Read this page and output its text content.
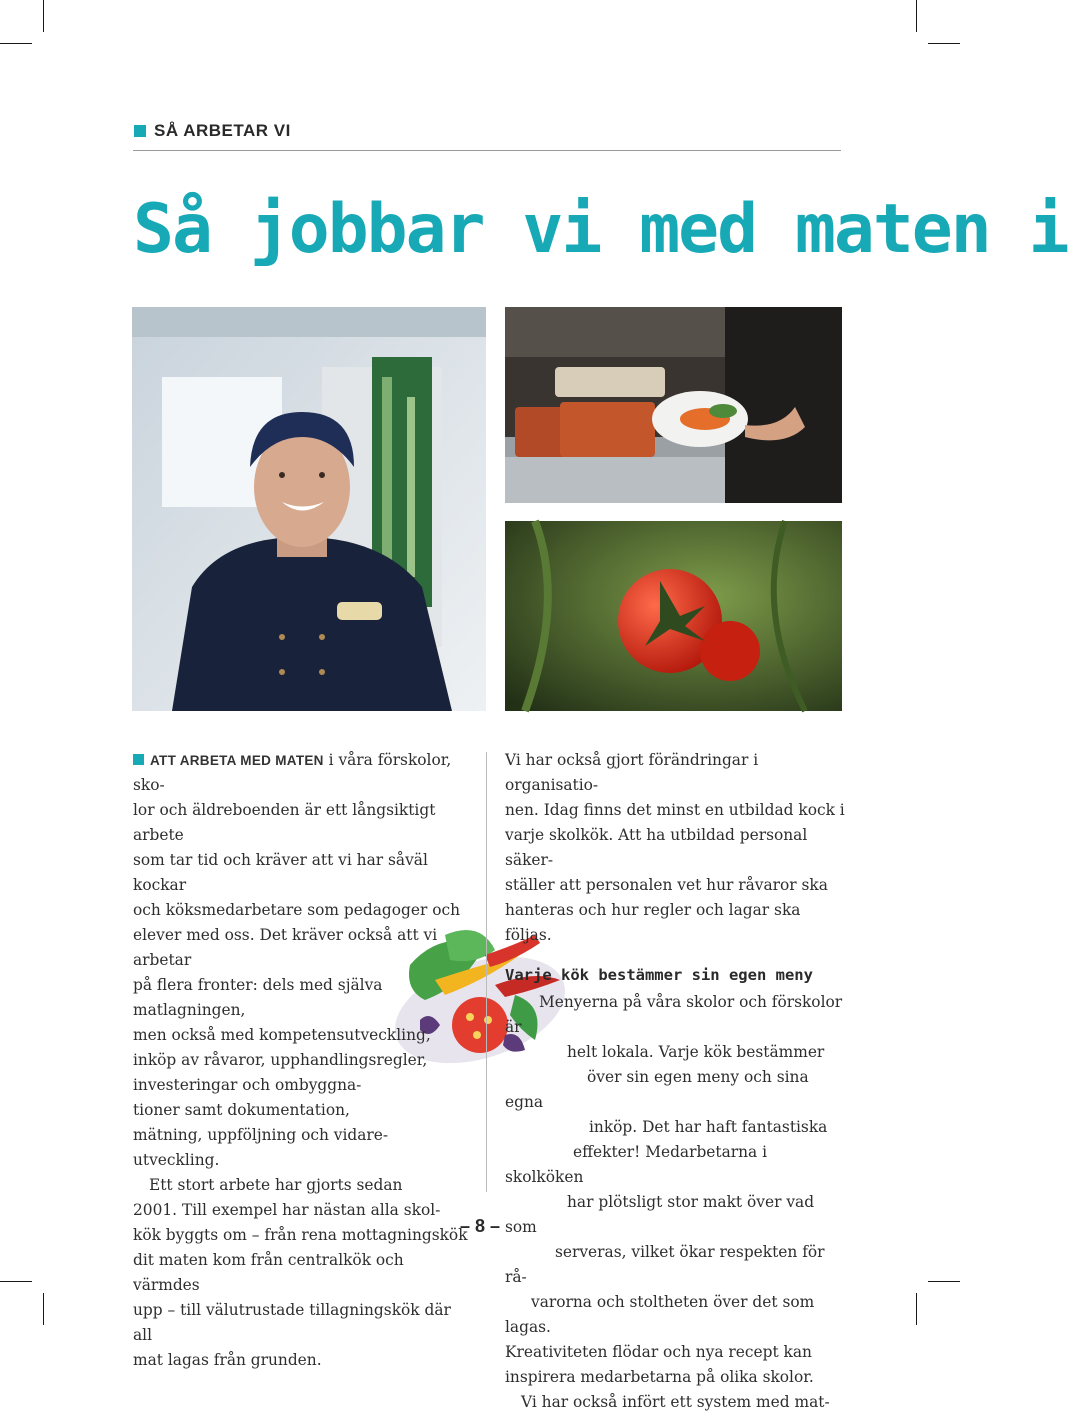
SÅ ARBETAR VI
Så jobbar vi med maten i

ATT ARBETA MED MATEN i våra förskolor, sko-
lor och äldreboenden är ett långsiktigt arbete
som tar tid och kräver att vi har såväl kockar
och köksmedarbetare som pedagoger och
elever med oss. Det kräver också att vi arbetar
på flera fronter: dels med själva matlagningen,
men också med kompetensutveckling,
inköp av råvaror, upphandlingsregler,
investeringar och ombyggna-
tioner samt dokumentation,
mätning, uppföljning och vidare-
utveckling.

Ett stort arbete har gjorts sedan
2001. Till exempel har nästan alla skol-
kök byggts om – från rena mottagningskök
dit maten kom från centralkök och värmdes
upp – till välutrustade tillagningskök där all
mat lagas från grunden.

Vi har också gjort förändringar i organisatio-
nen. Idag finns det minst en utbildad kock i
varje skolkök. Att ha utbildad personal säker-
ställer att personalen vet hur råvaror ska
hanteras och hur regler och lagar ska följas.

Varje kök bestämmer sin egen meny

Menyerna på våra skolor och förskolor är
helt lokala. Varje kök bestämmer
över sin egen meny och sina egna
inköp. Det har haft fantastiska
effekter! Medarbetarna i skolköken
har plötsligt stor makt över vad som
serveras, vilket ökar respekten för rå-
varorna och stoltheten över det som lagas.
Kreativiteten flödar och nya recept kan
inspirera medarbetarna på olika skolor.
Vi har också infört ett system med mat-

– 8 –
